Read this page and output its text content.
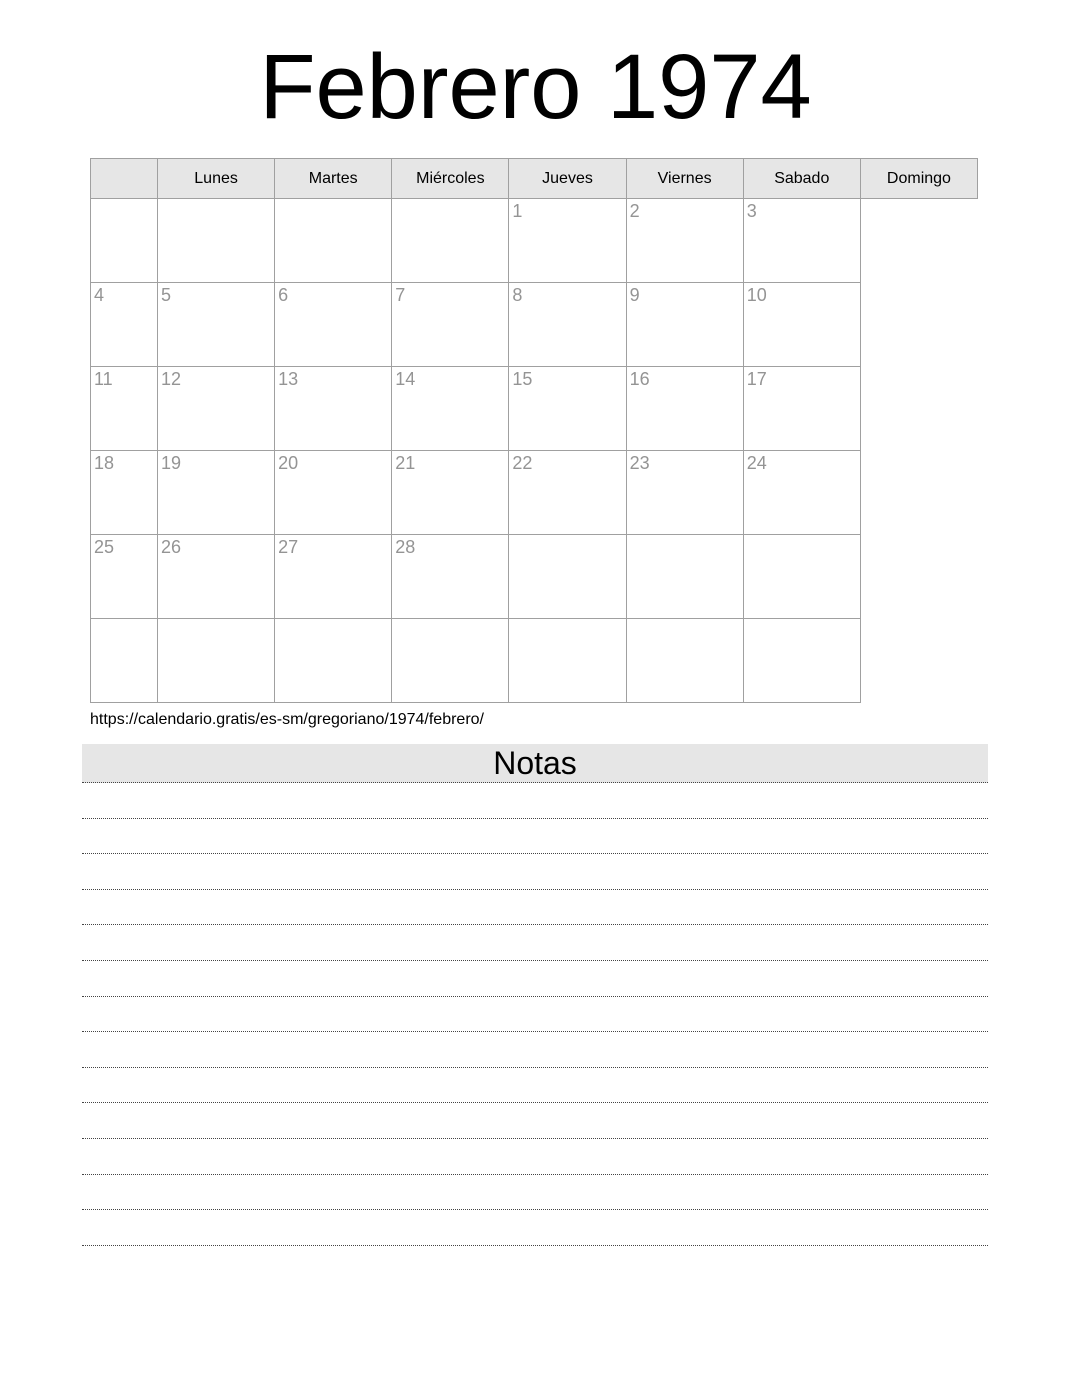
Febrero 1974
	Lunes	Martes	Miércoles	Jueves	Viernes	Sabado	Domingo
				1	2	3	
4	5	6	7	8	9	10	
11	12	13	14	15	16	17	
18	19	20	21	22	23	24	
25	26	27	28				

https://calendario.gratis/es-sm/gregoriano/1974/febrero/
Notas
